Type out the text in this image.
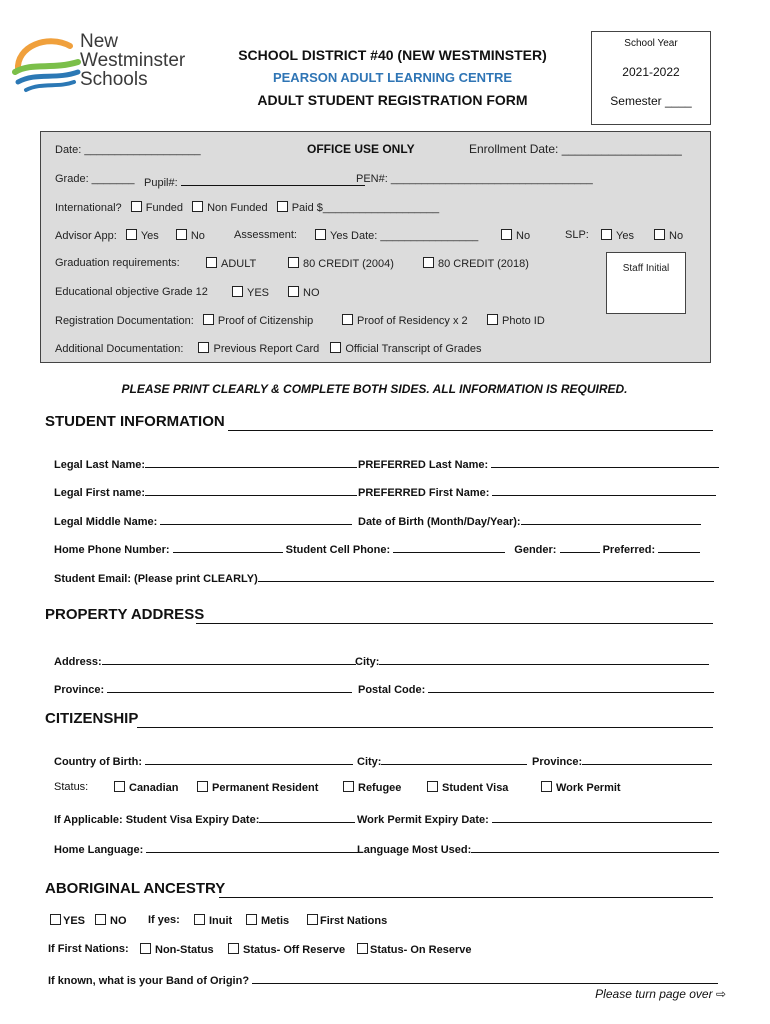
New
Westminster
Schools
SCHOOL DISTRICT #40 (NEW WESTMINSTER)
PEARSON ADULT LEARNING CENTRE
ADULT STUDENT REGISTRATION FORM
School Year
2021-2022
Semester ____
Date: ___________________	OFFICE USE ONLY	Enrollment Date: __________________
Grade: _______ Pupil#:	PEN#: _________________________________
International? Funded Non Funded Paid $___________________
Advisor App: Yes	No	Assessment:	Yes Date: ________________	No	SLP:	Yes	No
Graduation requirements:	ADULT	80 CREDIT (2004)	80 CREDIT (2018)	Staff Initial
Educational objective Grade 12	YES	NO
Registration Documentation: Proof of Citizenship	Proof of Residency x 2	Photo ID
Additional Documentation:	Previous Report Card Official Transcript of Grades
PLEASE PRINT CLEARLY & COMPLETE BOTH SIDES. ALL INFORMATION IS REQUIRED.
STUDENT INFORMATION
Legal Last Name:	PREFERRED Last Name:
Legal First name:	PREFERRED First Name:
Legal Middle Name:	Date of Birth (Month/Day/Year):
Home Phone Number:	Student Cell Phone:	Gender:	Preferred:
Student Email: (Please print CLEARLY)
PROPERTY ADDRESS
Address:	City:
Province:	Postal Code:
CITIZENSHIP
Country of Birth:	City:	Province:
Status:	Canadian	Permanent Resident	Refugee	Student Visa	Work Permit
If Applicable: Student Visa Expiry Date:	Work Permit Expiry Date:
Home Language:	Language Most Used:
ABORIGINAL ANCESTRY
YES	NO If yes:	Inuit	Metis	First Nations
If First Nations:	Non-Status	Status- Off Reserve	Status- On Reserve
If known, what is your Band of Origin?
Please turn page over ⇨
